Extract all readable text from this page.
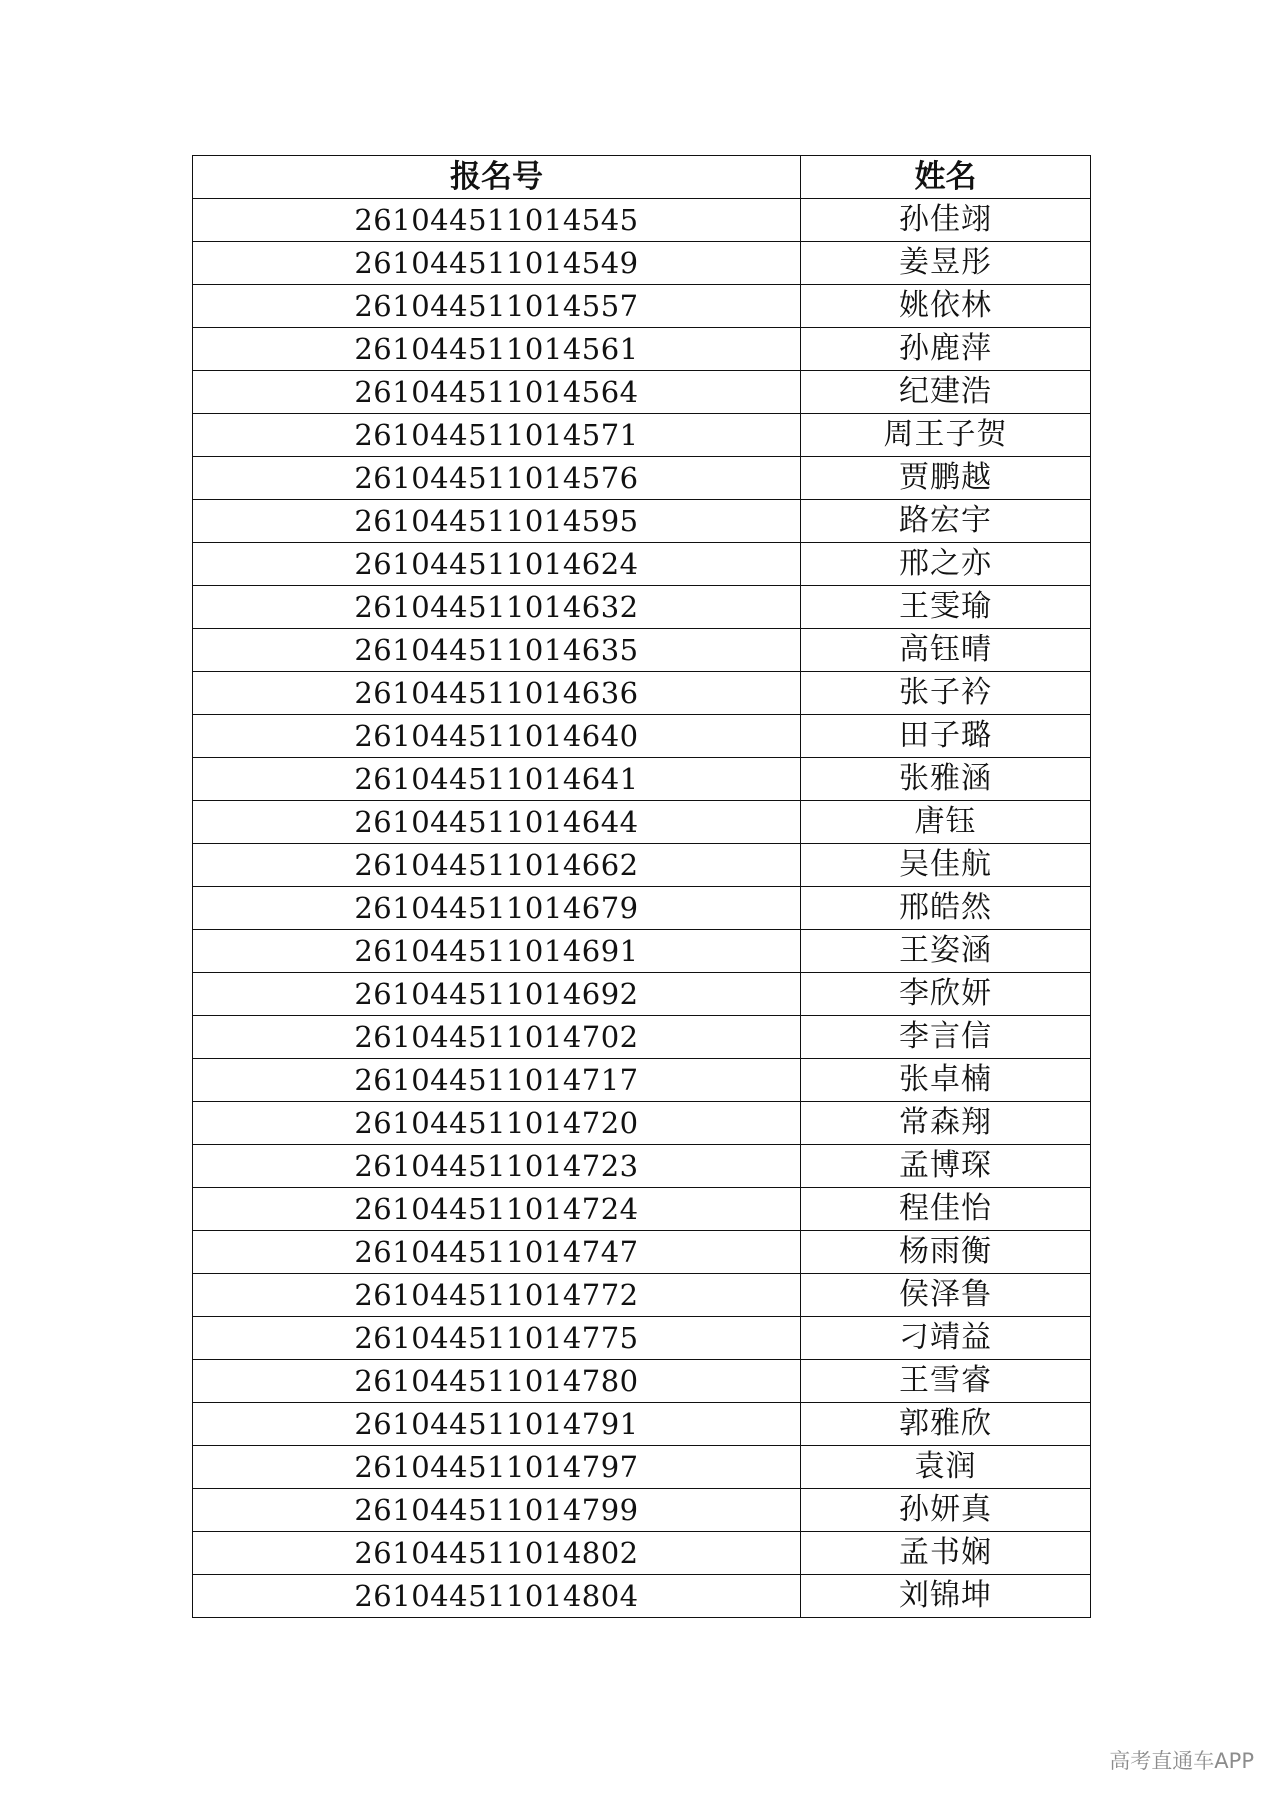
报名号	姓名
261044511014545	孙佳翊
261044511014549	姜昱彤
261044511014557	姚依林
261044511014561	孙鹿萍
261044511014564	纪建浩
261044511014571	周王子贺
261044511014576	贾鹏越
261044511014595	路宏宇
261044511014624	邢之亦
261044511014632	王雯瑜
261044511014635	高钰晴
261044511014636	张子衿
261044511014640	田子璐
261044511014641	张雅涵
261044511014644	唐钰
261044511014662	吴佳航
261044511014679	邢皓然
261044511014691	王姿涵
261044511014692	李欣妍
261044511014702	李言信
261044511014717	张卓楠
261044511014720	常森翔
261044511014723	孟博琛
261044511014724	程佳怡
261044511014747	杨雨衡
261044511014772	侯泽鲁
261044511014775	刁靖益
261044511014780	王雪睿
261044511014791	郭雅欣
261044511014797	袁润
261044511014799	孙妍真
261044511014802	孟书娴
261044511014804	刘锦坤
高考直通车APP
